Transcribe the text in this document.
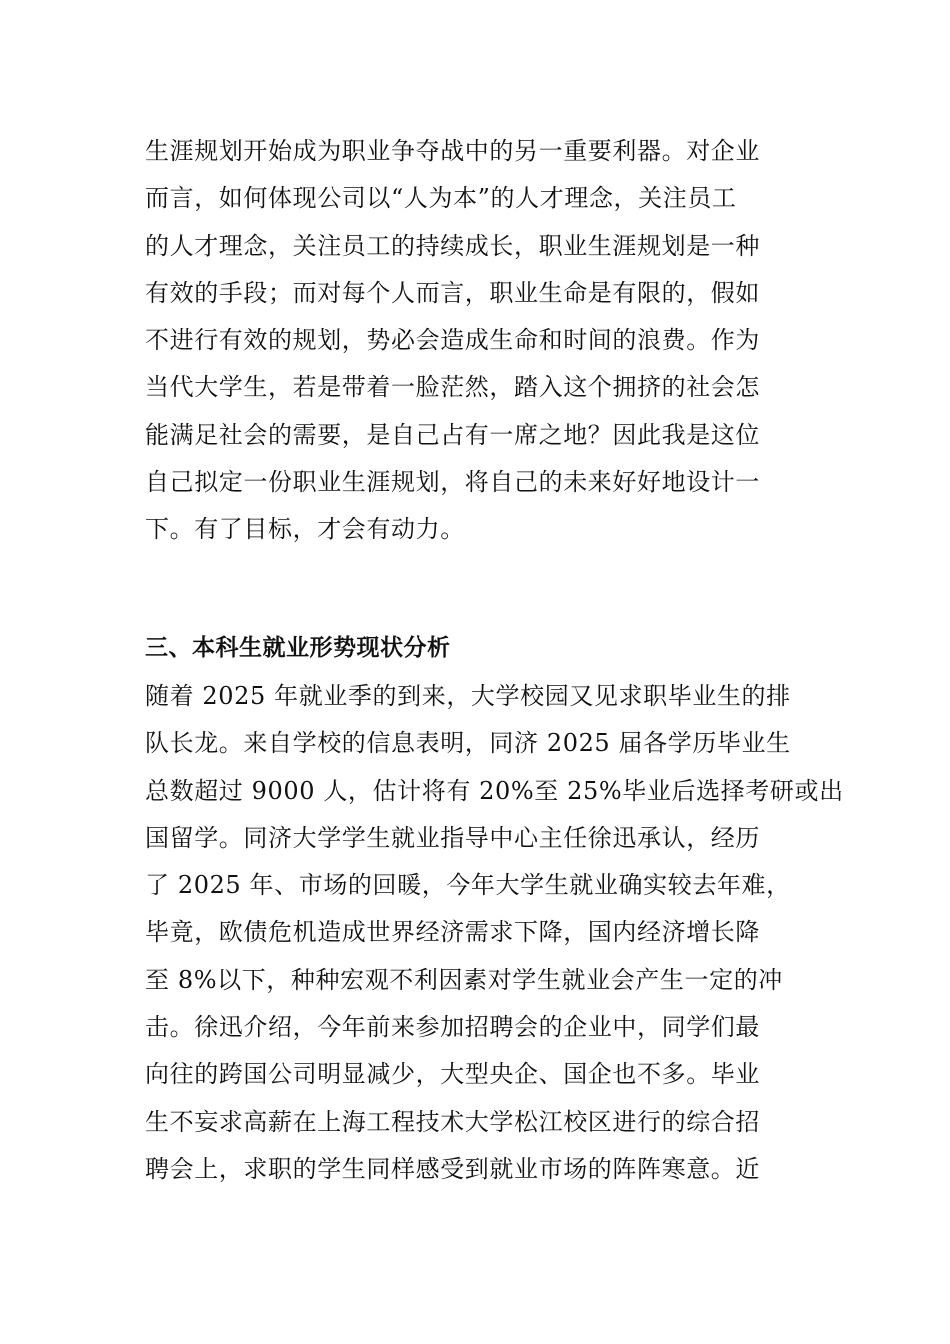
生涯规划开始成为职业争夺战中的另一重要利器。对企业
而言，如何体现公司以“人为本”的人才理念，关注员工
的人才理念，关注员工的持续成长，职业生涯规划是一种
有效的手段；而对每个人而言，职业生命是有限的，假如
不进行有效的规划，势必会造成生命和时间的浪费。作为
当代大学生，若是带着一脸茫然，踏入这个拥挤的社会怎
能满足社会的需要，是自己占有一席之地？因此我是这位
自己拟定一份职业生涯规划，将自己的未来好好地设计一
下。有了目标，才会有动力。
三、本科生就业形势现状分析
随着 2025 年就业季的到来，大学校园又见求职毕业生的排
队长龙。来自学校的信息表明，同济 2025 届各学历毕业生
总数超过 9000 人，估计将有 20%至 25%毕业后选择考研或出
国留学。同济大学学生就业指导中心主任徐迅承认，经历
了 2025 年、市场的回暖，今年大学生就业确实较去年难，
毕竟，欧债危机造成世界经济需求下降，国内经济增长降
至 8%以下，种种宏观不利因素对学生就业会产生一定的冲
击。徐迅介绍，今年前来参加招聘会的企业中，同学们最
向往的跨国公司明显减少，大型央企、国企也不多。毕业
生不妄求高薪在上海工程技术大学松江校区进行的综合招
聘会上，求职的学生同样感受到就业市场的阵阵寒意。近
